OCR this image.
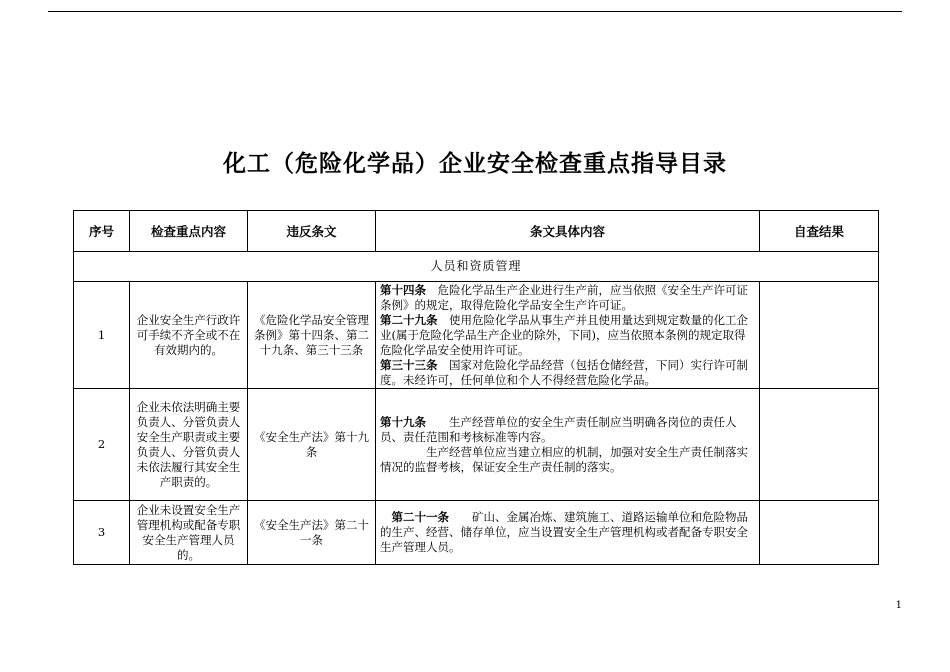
化工（危险化学品）企业安全检查重点指导目录
序号	检查重点内容	违反条文	条文具体内容	自查结果
人员和资质管理				
1	企业安全生产行政许可手续不齐全或不在有效期内的。	《危险化学品安全管理条例》第十四条、第二十九条、第三十三条	第十四条　危险化学品生产企业进行生产前，应当依照《安全生产许可证条例》的规定，取得危险化学品安全生产许可证。

第二十九条　使用危险化学品从事生产并且使用量达到规定数量的化工企业(属于危险化学品生产企业的除外，下同)，应当依照本条例的规定取得危险化学品安全使用许可证。

第三十三条　国家对危险化学品经营（包括仓储经营，下同）实行许可制度。未经许可，任何单位和个人不得经营危险化学品。	

2	企业未依法明确主要负责人、分管负责人安全生产职责或主要负责人、分管负责人未依法履行其安全生产职责的。	《安全生产法》第十九条	第十九条　　生产经营单位的安全生产责任制应当明确各岗位的责任人员、责任范围和考核标准等内容。

生产经营单位应当建立相应的机制，加强对安全生产责任制落实情况的监督考核，保证安全生产责任制的落实。	

3	企业未设置安全生产管理机构或配备专职安全生产管理人员的。	《安全生产法》第二十一条	第二十一条　　矿山、金属冶炼、建筑施工、道路运输单位和危险物品的生产、经营、储存单位，应当设置安全生产管理机构或者配备专职安全生产管理人员。	

1
